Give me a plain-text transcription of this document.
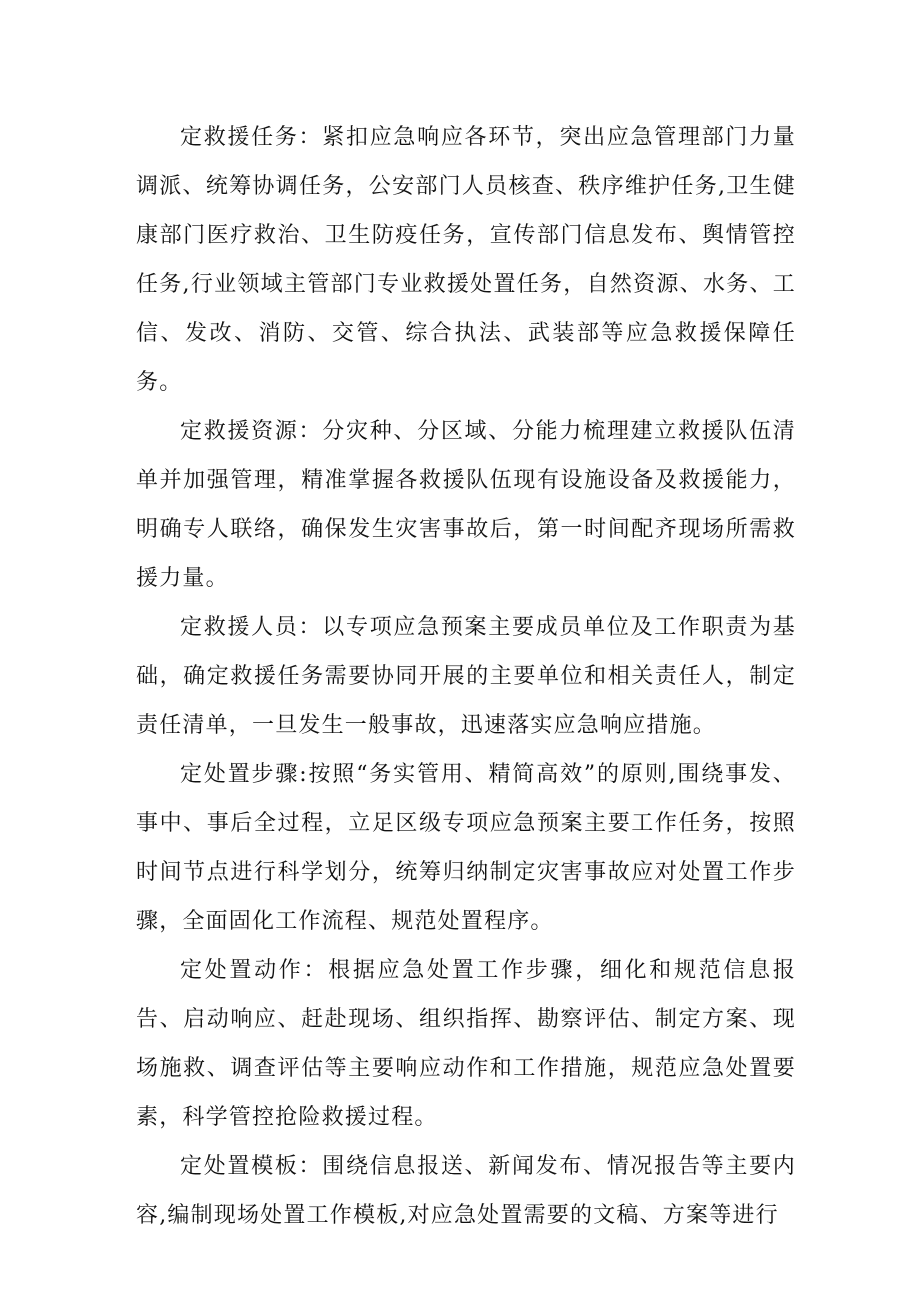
定救援任务：紧扣应急响应各环节，突出应急管理部门力量调派、统筹协调任务，公安部门人员核查、秩序维护任务,卫生健康部门医疗救治、卫生防疫任务，宣传部门信息发布、舆情管控任务,行业领域主管部门专业救援处置任务，自然资源、水务、工信、发改、消防、交管、综合执法、武装部等应急救援保障任务。

定救援资源：分灾种、分区域、分能力梳理建立救援队伍清单并加强管理，精准掌握各救援队伍现有设施设备及救援能力，明确专人联络，确保发生灾害事故后，第一时间配齐现场所需救援力量。

定救援人员：以专项应急预案主要成员单位及工作职责为基础，确定救援任务需要协同开展的主要单位和相关责任人，制定责任清单，一旦发生一般事故，迅速落实应急响应措施。

定处置步骤:按照“务实管用、精简高效”的原则,围绕事发、事中、事后全过程，立足区级专项应急预案主要工作任务，按照时间节点进行科学划分，统筹归纳制定灾害事故应对处置工作步骤，全面固化工作流程、规范处置程序。

定处置动作：根据应急处置工作步骤，细化和规范信息报告、启动响应、赶赴现场、组织指挥、勘察评估、制定方案、现场施救、调查评估等主要响应动作和工作措施，规范应急处置要素，科学管控抢险救援过程。

定处置模板：围绕信息报送、新闻发布、情况报告等主要内容,编制现场处置工作模板,对应急处置需要的文稿、方案等进行
